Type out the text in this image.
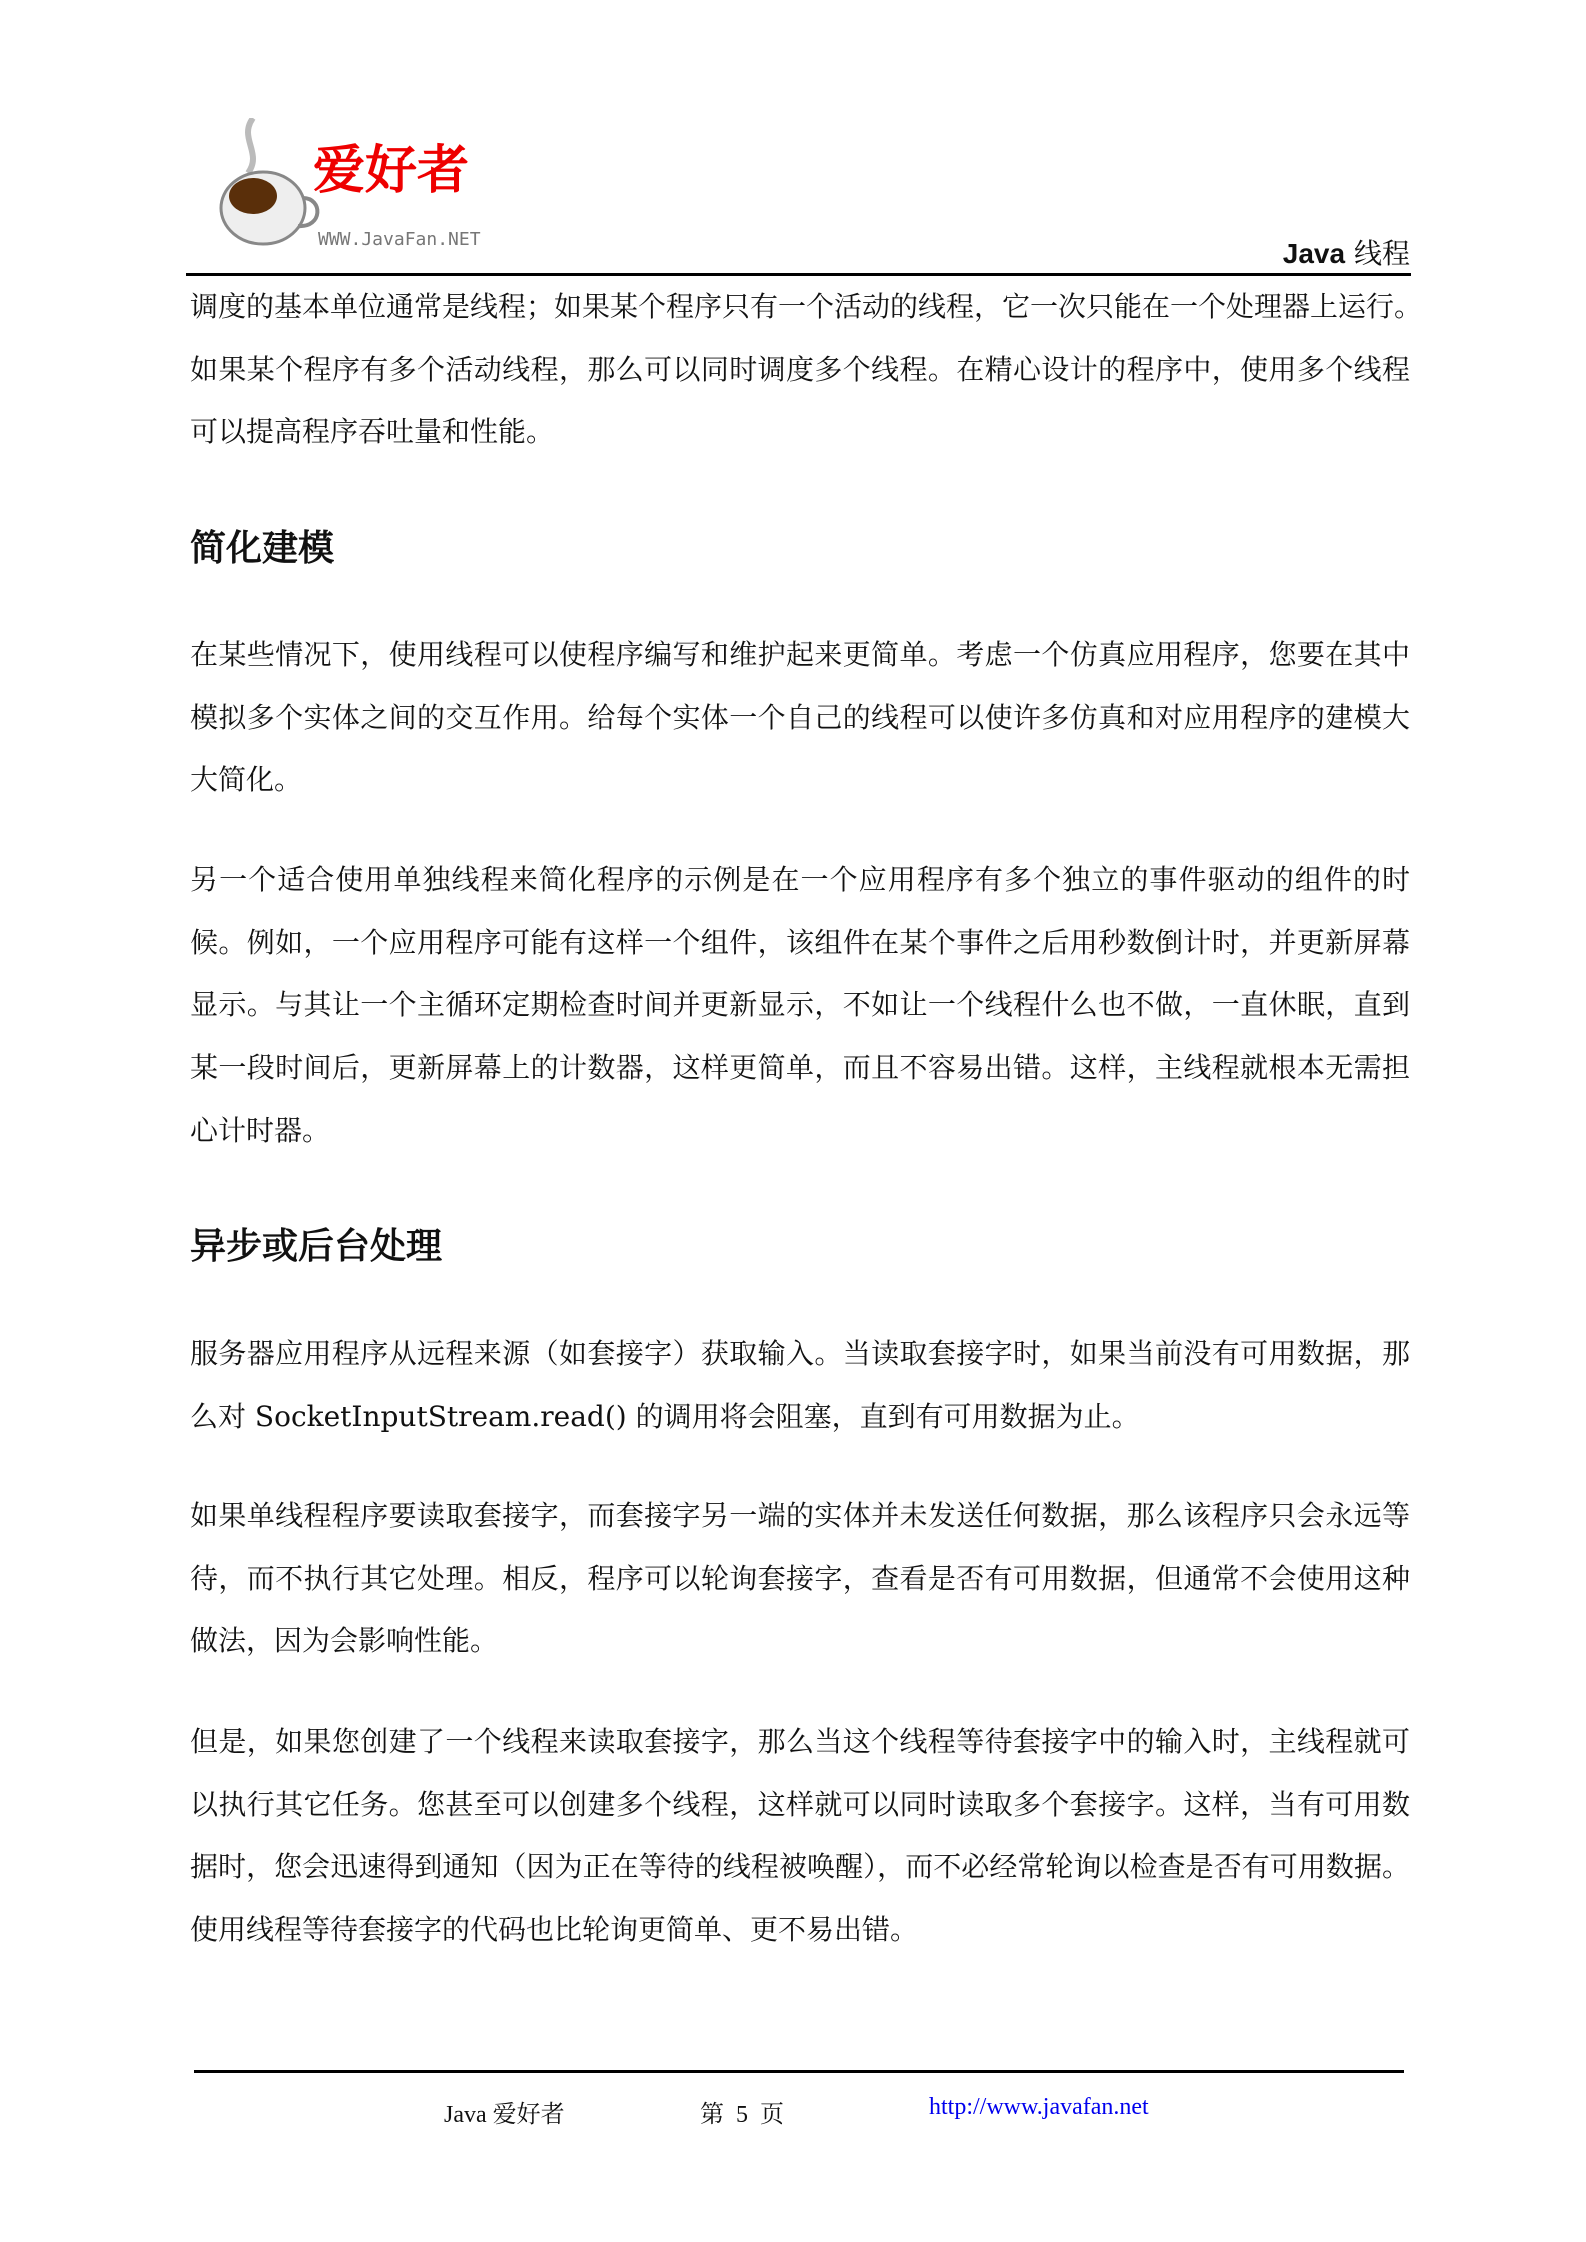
爱好者
WWW.JavaFan.NET	Java 线程
调度的基本单位通常是线程；如果某个程序只有一个活动的线程，它一次只能在一个处理器上运行。
如果某个程序有多个活动线程，那么可以同时调度多个线程。在精心设计的程序中，使用多个线程
可以提高程序吞吐量和性能。
简化建模
在某些情况下，使用线程可以使程序编写和维护起来更简单。考虑一个仿真应用程序，您要在其中
模拟多个实体之间的交互作用。给每个实体一个自己的线程可以使许多仿真和对应用程序的建模大
大简化。
另一个适合使用单独线程来简化程序的示例是在一个应用程序有多个独立的事件驱动的组件的时
候。例如，一个应用程序可能有这样一个组件，该组件在某个事件之后用秒数倒计时，并更新屏幕
显示。与其让一个主循环定期检查时间并更新显示，不如让一个线程什么也不做，一直休眠，直到
某一段时间后，更新屏幕上的计数器，这样更简单，而且不容易出错。这样，主线程就根本无需担
心计时器。
异步或后台处理
服务器应用程序从远程来源（如套接字）获取输入。当读取套接字时，如果当前没有可用数据，那
么对 SocketInputStream.read() 的调用将会阻塞，直到有可用数据为止。
如果单线程程序要读取套接字，而套接字另一端的实体并未发送任何数据，那么该程序只会永远等
待，而不执行其它处理。相反，程序可以轮询套接字，查看是否有可用数据，但通常不会使用这种
做法，因为会影响性能。
但是，如果您创建了一个线程来读取套接字，那么当这个线程等待套接字中的输入时，主线程就可
以执行其它任务。您甚至可以创建多个线程，这样就可以同时读取多个套接字。这样，当有可用数
据时，您会迅速得到通知（因为正在等待的线程被唤醒），而不必经常轮询以检查是否有可用数据。
使用线程等待套接字的代码也比轮询更简单、更不易出错。
Java 爱好者	第 5 页	http://www.javafan.net
